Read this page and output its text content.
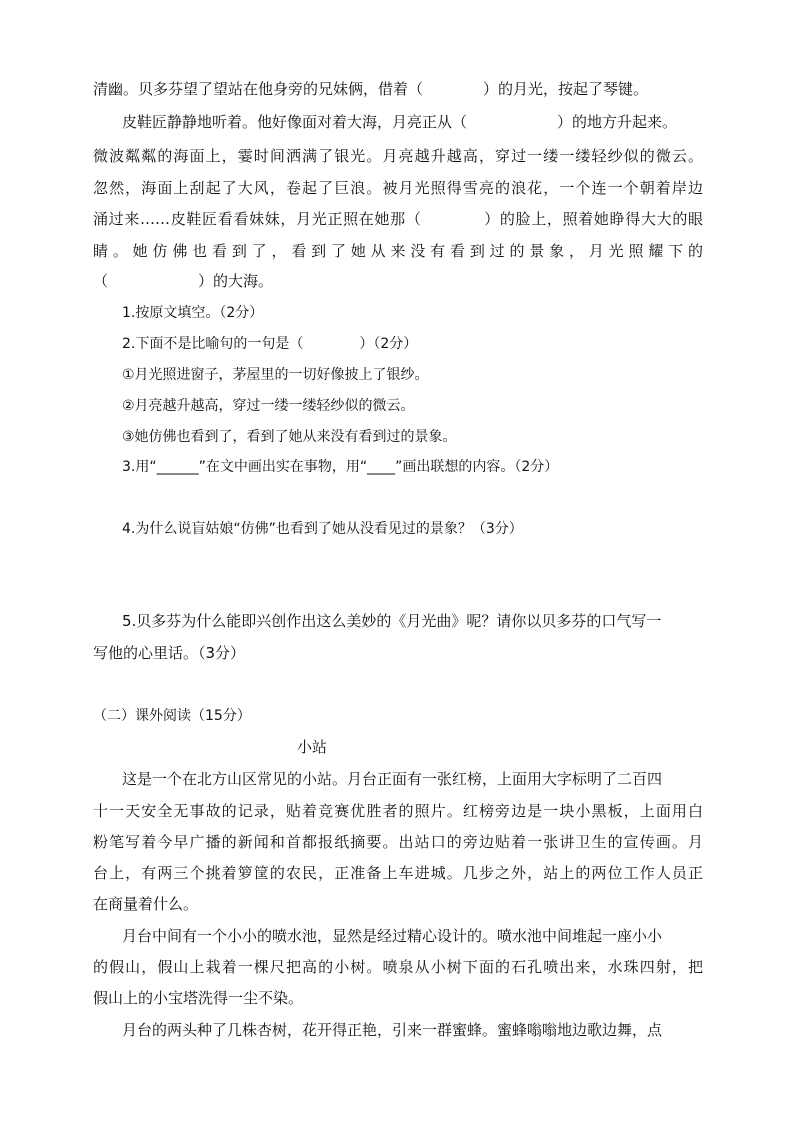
清幽。贝多芬望了望站在他身旁的兄妹俩，借着（　　　　）的月光，按起了琴键。
皮鞋匠静静地听着。他好像面对着大海，月亮正从（　　　　　　）的地方升起来。
微波粼粼的海面上，霎时间洒满了银光。月亮越升越高，穿过一缕一缕轻纱似的微云。
忽然，海面上刮起了大风，卷起了巨浪。被月光照得雪亮的浪花，一个连一个朝着岸边
涌过来……皮鞋匠看看妹妹，月光正照在她那（　　　　）的脸上，照着她睁得大大的眼
睛。她仿佛也看到了，看到了她从来没有看到过的景象，月光照耀下的
（　　　　　　）的大海。
1.按原文填空。（2分）
2.下面不是比喻句的一句是（　　　　）（2分）
①月光照进窗子，茅屋里的一切好像披上了银纱。
②月亮越升越高，穿过一缕一缕轻纱似的微云。
③她仿佛也看到了，看到了她从来没有看到过的景象。
3.用“______”在文中画出实在事物，用“____”画出联想的内容。（2分）
4.为什么说盲姑娘“仿佛”也看到了她从没看见过的景象？（3分）
5.贝多芬为什么能即兴创作出这么美妙的《月光曲》呢？请你以贝多芬的口气写一
写他的心里话。（3分）
（二）课外阅读（15分）
小站
这是一个在北方山区常见的小站。月台正面有一张红榜，上面用大字标明了二百四
十一天安全无事故的记录，贴着竞赛优胜者的照片。红榜旁边是一块小黑板，上面用白
粉笔写着今早广播的新闻和首都报纸摘要。出站口的旁边贴着一张讲卫生的宣传画。月
台上，有两三个挑着箩筐的农民，正准备上车进城。几步之外，站上的两位工作人员正
在商量着什么。
月台中间有一个小小的喷水池，显然是经过精心设计的。喷水池中间堆起一座小小
的假山，假山上栽着一棵尺把高的小树。喷泉从小树下面的石孔喷出来，水珠四射，把
假山上的小宝塔洗得一尘不染。
月台的两头种了几株杏树，花开得正艳，引来一群蜜蜂。蜜蜂嗡嗡地边歌边舞，点
